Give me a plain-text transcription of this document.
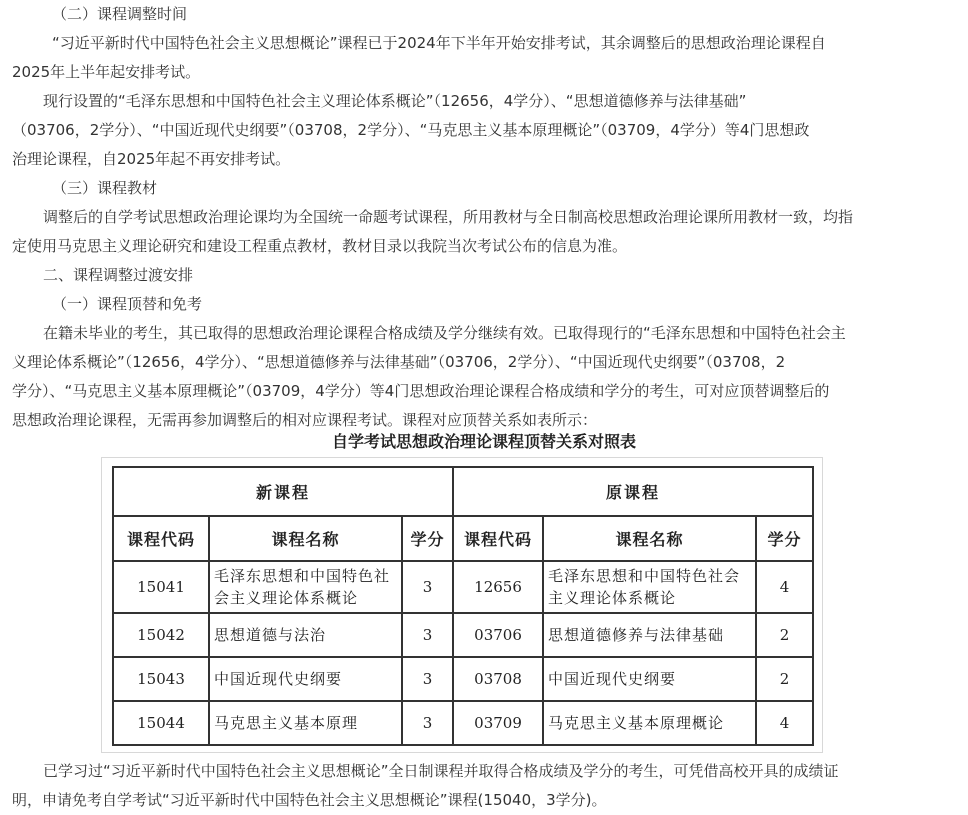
（二）课程调整时间
“习近平新时代中国特色社会主义思想概论”课程已于2024年下半年开始安排考试，其余调整后的思想政治理论课程自
2025年上半年起安排考试。
现行设置的“毛泽东思想和中国特色社会主义理论体系概论”（12656，4学分）、“思想道德修养与法律基础”
（03706，2学分）、“中国近现代史纲要”（03708，2学分）、“马克思主义基本原理概论”（03709，4学分）等4门思想政
治理论课程，自2025年起不再安排考试。
（三）课程教材
调整后的自学考试思想政治理论课均为全国统一命题考试课程，所用教材与全日制高校思想政治理论课所用教材一致，均指
定使用马克思主义理论研究和建设工程重点教材，教材目录以我院当次考试公布的信息为准。
二、课程调整过渡安排
（一）课程顶替和免考
在籍未毕业的考生，其已取得的思想政治理论课程合格成绩及学分继续有效。已取得现行的“毛泽东思想和中国特色社会主
义理论体系概论”（12656，4学分）、“思想道德修养与法律基础”（03706，2学分）、“中国近现代史纲要”（03708，2
学分）、“马克思主义基本原理概论”（03709，4学分）等4门思想政治理论课程合格成绩和学分的考生，可对应顶替调整后的
思想政治理论课程，无需再参加调整后的相对应课程考试。课程对应顶替关系如表所示：
自学考试思想政治理论课程顶替关系对照表
新课程			原课程		
课程代码	课程名称	学分	课程代码	课程名称	学分
15041	毛泽东思想和中国特色社会主义理论体系概论	3	12656	毛泽东思想和中国特色社会主义理论体系概论	4
15042	思想道德与法治	3	03706	思想道德修养与法律基础	2
15043	中国近现代史纲要	3	03708	中国近现代史纲要	2
15044	马克思主义基本原理	3	03709	马克思主义基本原理概论	4
已学习过“习近平新时代中国特色社会主义思想概论”全日制课程并取得合格成绩及学分的考生，可凭借高校开具的成绩证
明，申请免考自学考试“习近平新时代中国特色社会主义思想概论”课程(15040，3学分)。
